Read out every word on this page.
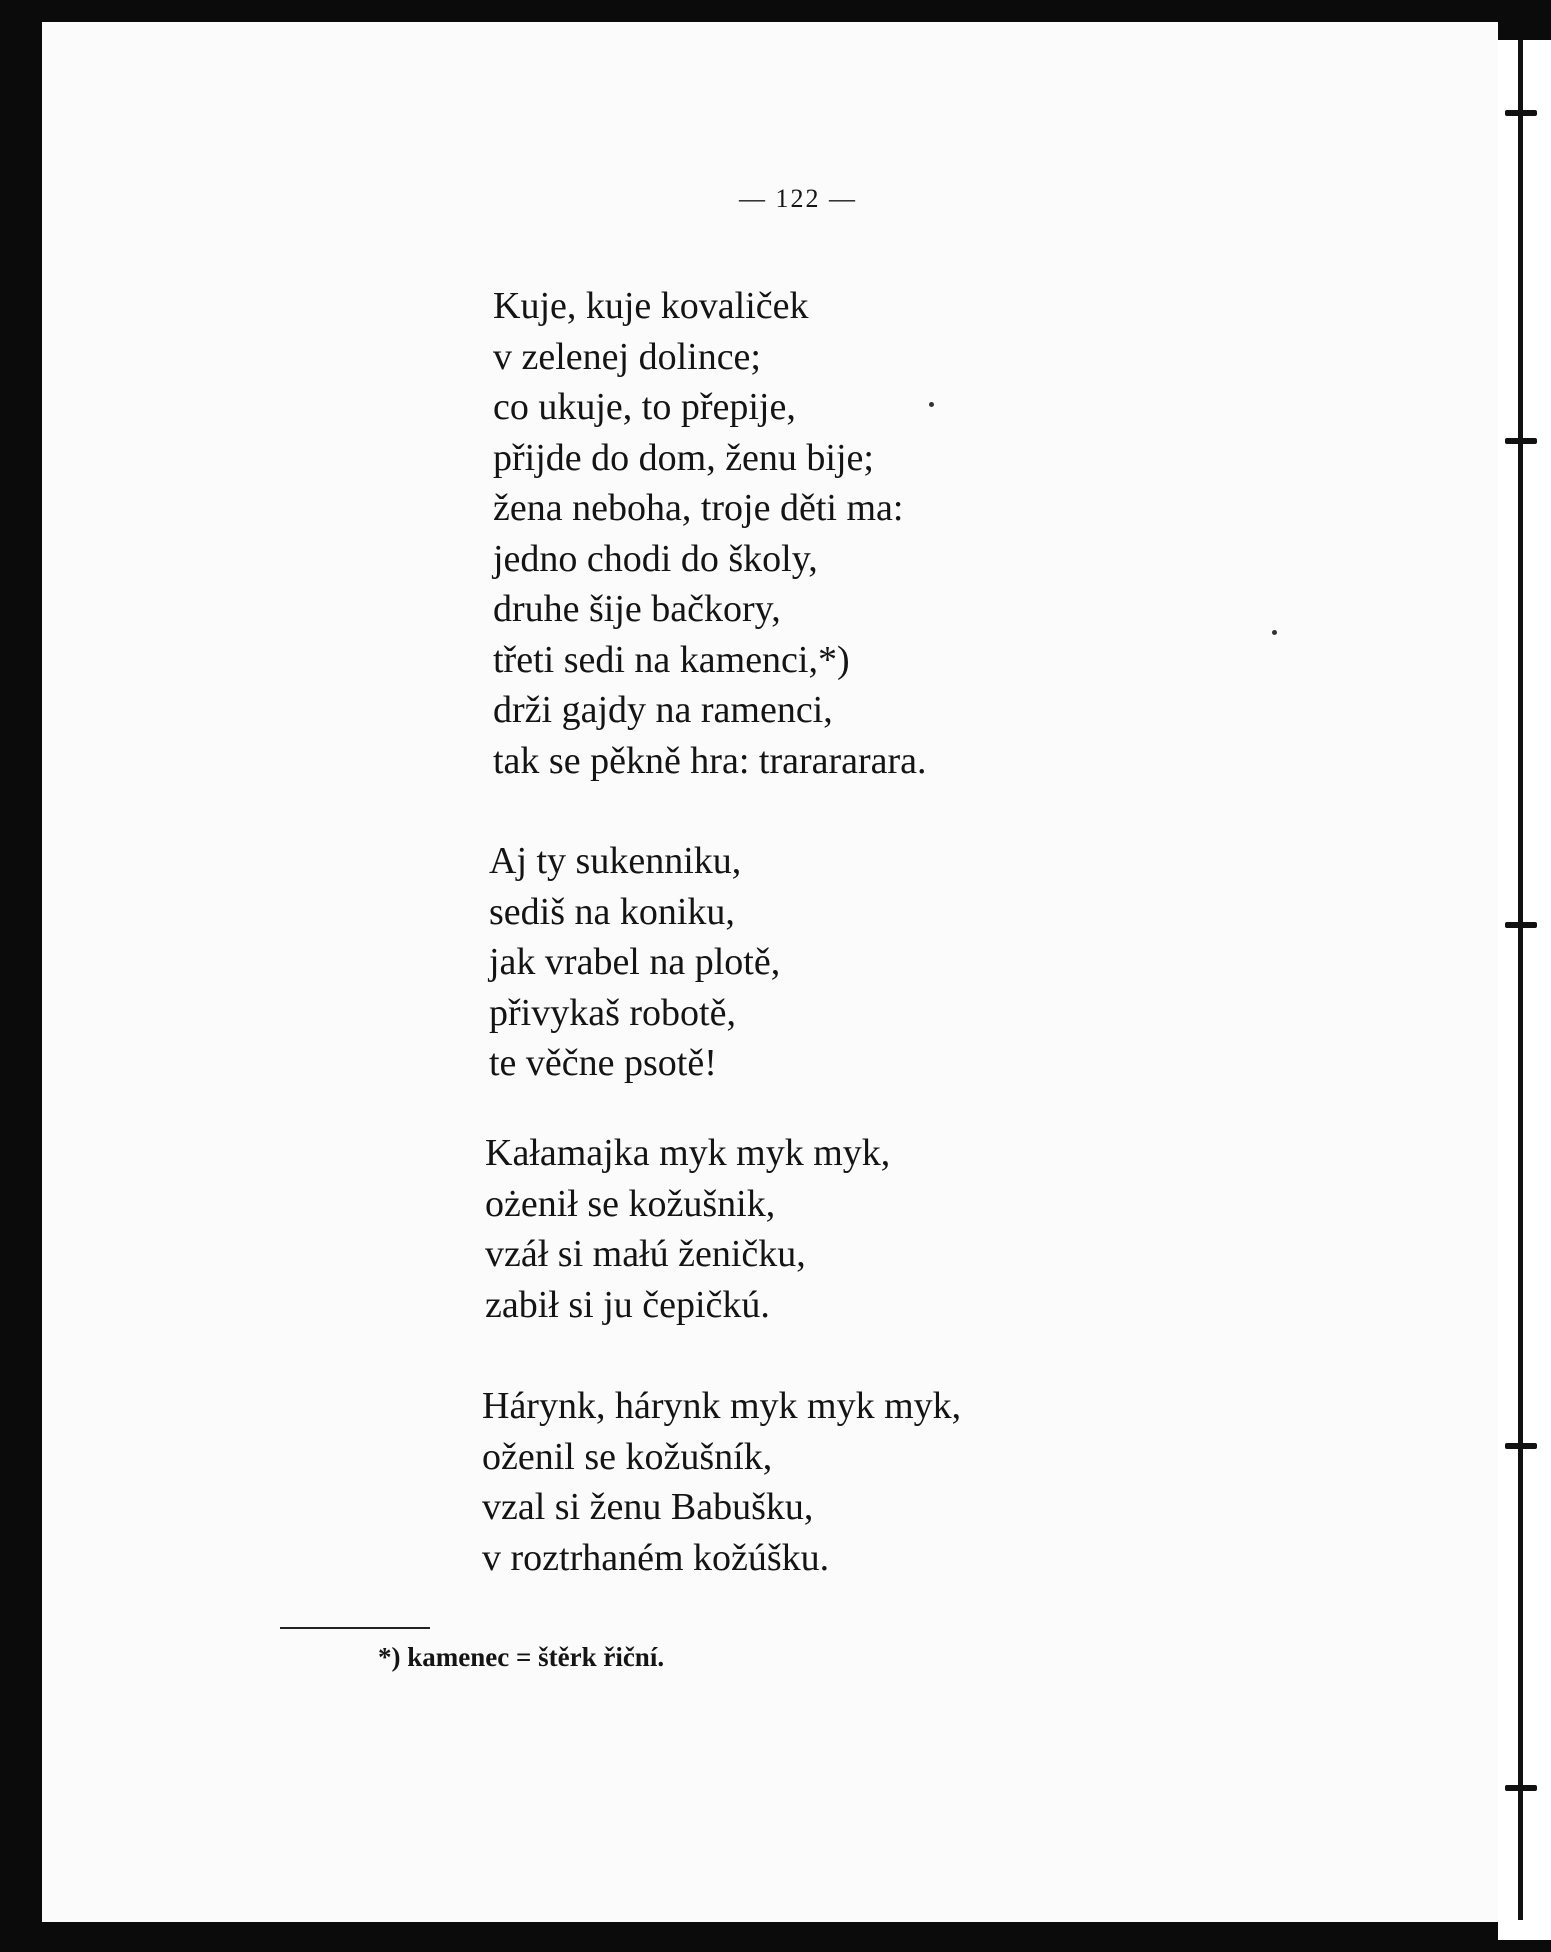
— 122 —
Kuje, kuje kovaliček
v zelenej dolince;
co ukuje, to přepije,
přijde do dom, ženu bije;
žena neboha, troje děti ma:
jedno chodi do školy,
druhe šije bačkory,
třeti sedi na kamenci,*)
drži gajdy na ramenci,
tak se pěkně hra: trarararara.
Aj ty sukenniku,
sediš na koniku,
jak vrabel na plotě,
přivykaš robotě,
te věčne psotě!
Kałamajka myk myk myk,
ożenił se kožušnik,
vzáł si małú ženičku,
zabił si ju čepičkú.
Hárynk, hárynk myk myk myk,
oženil se kožušník,
vzal si ženu Babušku,
v roztrhaném kožúšku.
*) kamenec = štěrk řiční.
